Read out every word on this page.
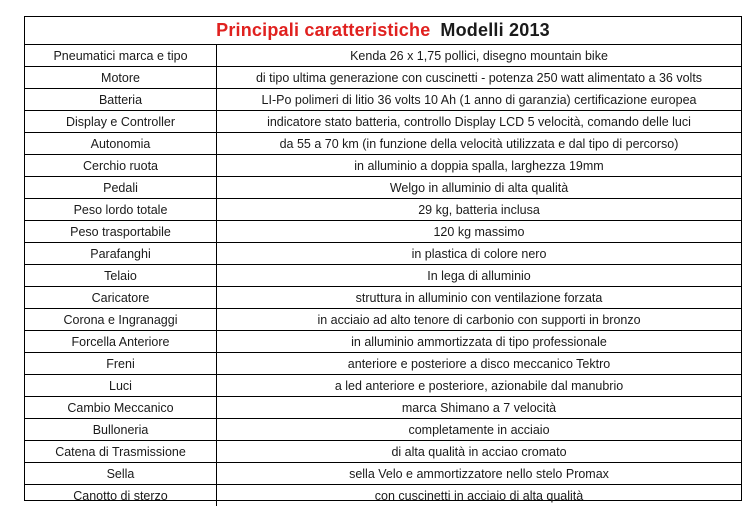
Principali caratteristiche Modelli 2013
Pneumatici marca e tipo	Kenda 26 x 1,75 pollici, disegno mountain bike
Motore	di tipo ultima generazione con cuscinetti - potenza 250 watt alimentato a 36 volts
Batteria	LI-Po polimeri di litio 36 volts 10 Ah (1 anno di garanzia) certificazione europea
Display e Controller	indicatore stato batteria, controllo Display LCD 5 velocità, comando delle luci
Autonomia	da 55 a 70 km (in funzione della velocità utilizzata e dal tipo di percorso)
Cerchio ruota	in alluminio a doppia spalla, larghezza 19mm
Pedali	Welgo in alluminio di alta qualità
Peso lordo totale	29 kg, batteria inclusa
Peso trasportabile	120 kg massimo
Parafanghi	in plastica di colore nero
Telaio	In lega di alluminio
Caricatore	struttura in alluminio con ventilazione forzata
Corona e Ingranaggi	in acciaio ad alto tenore di carbonio con supporti in bronzo
Forcella Anteriore	in alluminio ammortizzata di tipo professionale
Freni	anteriore e posteriore a disco meccanico Tektro
Luci	a led anteriore e posteriore, azionabile dal manubrio
Cambio Meccanico	marca Shimano a 7 velocità
Bulloneria	completamente in acciaio
Catena di Trasmissione	di alta qualità in acciao cromato
Sella	sella Velo e ammortizzatore nello stelo Promax
Canotto di sterzo	con cuscinetti in acciaio di alta qualità
